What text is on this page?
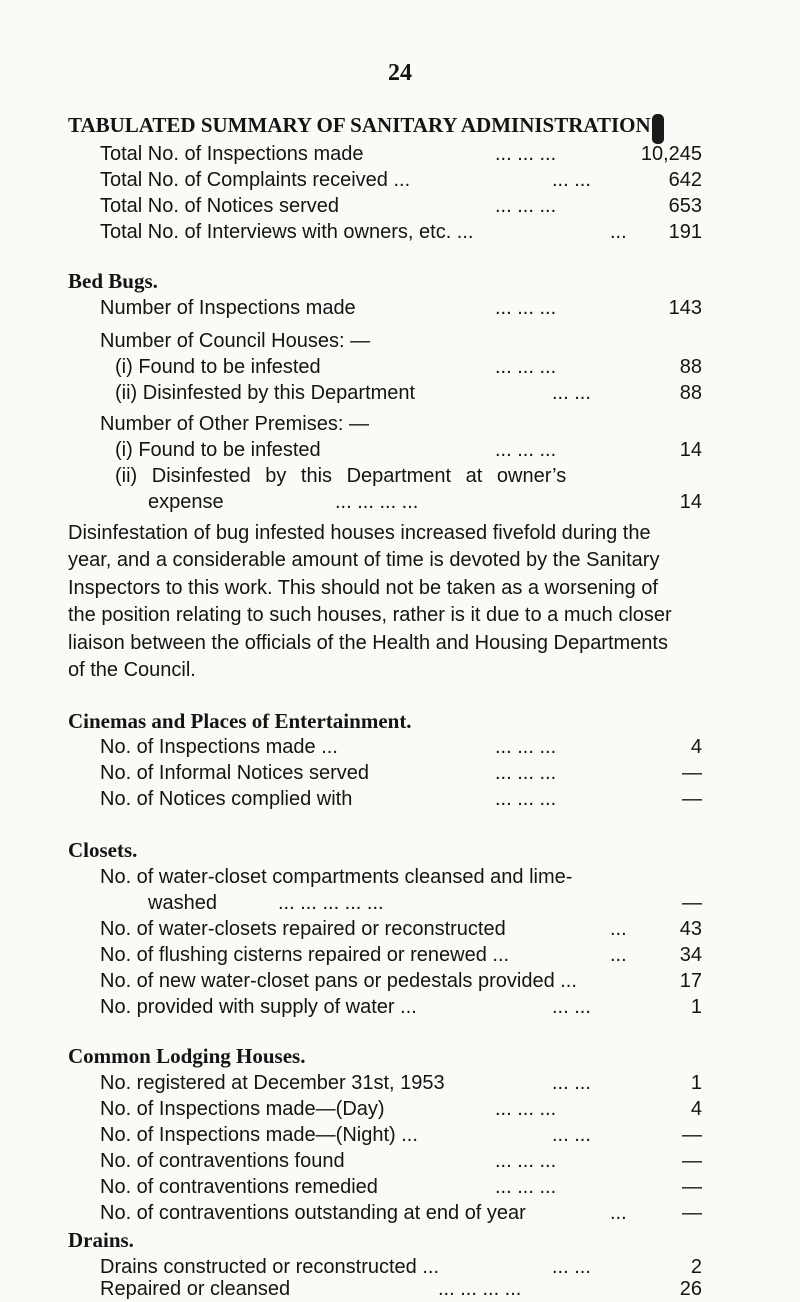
24
TABULATED SUMMARY OF SANITARY ADMINISTRATION
Total No. of Inspections made	... ... ...	10,245
Total No. of Complaints received ...	... ...	642
Total No. of Notices served	... ... ...	653
Total No. of Interviews with owners, etc. ...	... 191
Bed Bugs.
Number of Inspections made	... ... ...	143
Number of Council Houses: —
(i) Found to be infested	... ... ...	88
(ii) Disinfested by this Department	... ...	88
Number of Other Premises: —
(i) Found to be infested	... ... ...	14
(ii) Disinfested by this Department at owner’s
expense	... ... ... ...	14
Disinfestation of bug infested houses increased fivefold during the
year, and a considerable amount of time is devoted by the Sanitary
Inspectors to this work. This should not be taken as a worsening of
the position relating to such houses, rather is it due to a much closer
liaison between the officials of the Health and Housing Departments
of the Council.
Cinemas and Places of Entertainment.
No. of Inspections made ...	... ... ...	4
No. of Informal Notices served	... ... ...	—
No. of Notices complied with	... ... ...	—
Closets.
No. of water-closet compartments cleansed and lime-
washed	... ... ... ... ...	—
No. of water-closets repaired or reconstructed	...	43
No. of flushing cisterns repaired or renewed ...	...	34
No. of new water-closet pans or pedestals provided ...	17
No. provided with supply of water ...	... ...	1
Common Lodging Houses.
No. registered at December 31st, 1953	... ...	1
No. of Inspections made—(Day)	... ... ...	4
No. of Inspections made—(Night) ...	... ...	—
No. of contraventions found	... ... ...	—
No. of contraventions remedied	... ... ...	—
No. of contraventions outstanding at end of year	...	—
Drains.
Drains constructed or reconstructed ...	... ...	2
Repaired or cleansed	... ... ... ...	26
